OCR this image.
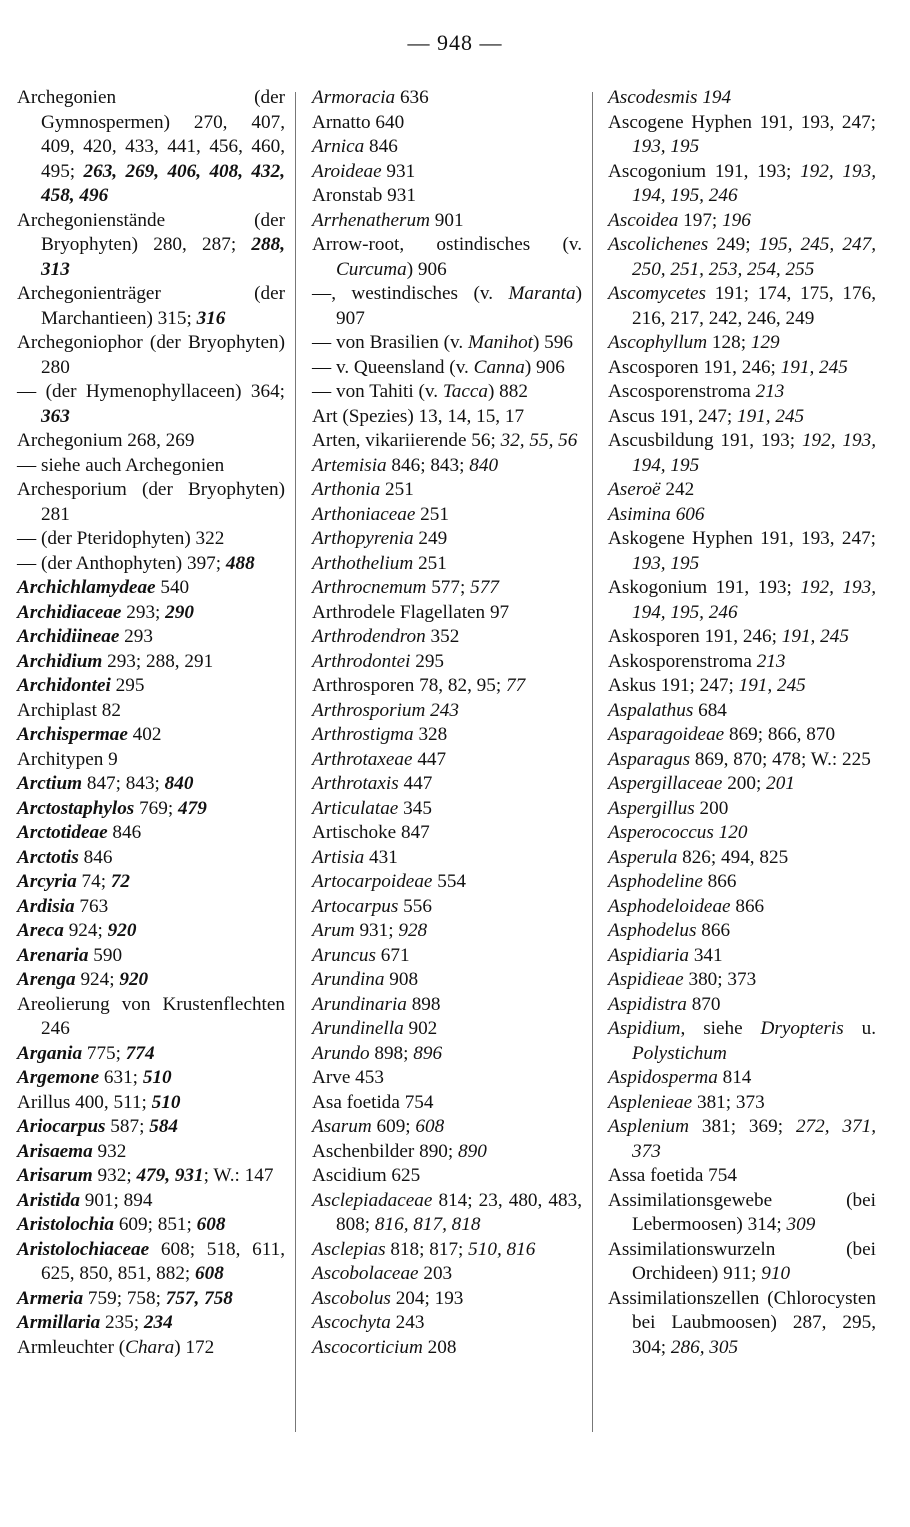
— 948 —
Archegonien (der Gymnospermen) 270, 407, 409, 420, 433, 441, 456, 460, 495; 263, 269, 406, 408, 432, 458, 496
Archegonienstände (der Bryophyten) 280, 287; 288, 313
Archegonienträger (der Marchantieen) 315; 316
Archegoniophor (der Bryophyten) 280
— (der Hymenophyllaceen) 364; 363
Archegonium 268, 269
— siehe auch Archegonien
Archesporium (der Bryophyten) 281
— (der Pteridophyten) 322
— (der Anthophyten) 397; 488
Archichlamydeae 540
Archidiaceae 293; 290
Archidiineae 293
Archidium 293; 288, 291
Archidontei 295
Archiplast 82
Archispermae 402
Architypen 9
Arctium 847; 843; 840
Arctostaphylos 769; 479
Arctotideae 846
Arctotis 846
Arcyria 74; 72
Ardisia 763
Areca 924; 920
Arenaria 590
Arenga 924; 920
Areolierung von Krustenflechten 246
Argania 775; 774
Argemone 631; 510
Arillus 400, 511; 510
Ariocarpus 587; 584
Arisaema 932
Arisarum 932; 479, 931; W.: 147
Aristida 901; 894
Aristolochia 609; 851; 608
Aristolochiaceae 608; 518, 611, 625, 850, 851, 882; 608
Armeria 759; 758; 757, 758
Armillaria 235; 234
Armleuchter (Chara) 172
Armoracia 636
Arnatto 640
Arnica 846
Aroideae 931
Aronstab 931
Arrhenatherum 901
Arrow-root, ostindisches (v. Curcuma) 906
—, westindisches (v. Maranta) 907
— von Brasilien (v. Manihot) 596
— v. Queensland (v. Canna) 906
— von Tahiti (v. Tacca) 882
Art (Spezies) 13, 14, 15, 17
Arten, vikariierende 56; 32, 55, 56
Artemisia 846; 843; 840
Arthonia 251
Arthoniaceae 251
Arthopyrenia 249
Arthothelium 251
Arthrocnemum 577; 577
Arthrodele Flagellaten 97
Arthrodendron 352
Arthrodontei 295
Arthrosporen 78, 82, 95; 77
Arthrosporium 243
Arthrostigma 328
Arthrotaxeae 447
Arthrotaxis 447
Articulatae 345
Artischoke 847
Artisia 431
Artocarpoideae 554
Artocarpus 556
Arum 931; 928
Aruncus 671
Arundina 908
Arundinaria 898
Arundinella 902
Arundo 898; 896
Arve 453
Asa foetida 754
Asarum 609; 608
Aschenbilder 890; 890
Ascidium 625
Asclepiadaceae 814; 23, 480, 483, 808; 816, 817, 818
Asclepias 818; 817; 510, 816
Ascobolaceae 203
Ascobolus 204; 193
Ascochyta 243
Ascocorticium 208
Ascodesmis 194
Ascogene Hyphen 191, 193, 247; 193, 195
Ascogonium 191, 193; 192, 193, 194, 195, 246
Ascoidea 197; 196
Ascolichenes 249; 195, 245, 247, 250, 251, 253, 254, 255
Ascomycetes 191; 174, 175, 176, 216, 217, 242, 246, 249
Ascophyllum 128; 129
Ascosporen 191, 246; 191, 245
Ascosporenstroma 213
Ascus 191, 247; 191, 245
Ascusbildung 191, 193; 192, 193, 194, 195
Aseroë 242
Asimina 606
Askogene Hyphen 191, 193, 247; 193, 195
Askogonium 191, 193; 192, 193, 194, 195, 246
Askosporen 191, 246; 191, 245
Askosporenstroma 213
Askus 191; 247; 191, 245
Aspalathus 684
Asparagoideae 869; 866, 870
Asparagus 869, 870; 478; W.: 225
Aspergillaceae 200; 201
Aspergillus 200
Asperococcus 120
Asperula 826; 494, 825
Asphodeline 866
Asphodeloideae 866
Asphodelus 866
Aspidiaria 341
Aspidieae 380; 373
Aspidistra 870
Aspidium, siehe Dryopteris u. Polystichum
Aspidosperma 814
Asplenieae 381; 373
Asplenium 381; 369; 272, 371, 373
Assa foetida 754
Assimilationsgewebe (bei Lebermoosen) 314; 309
Assimilationswurzeln (bei Orchideen) 911; 910
Assimilationszellen (Chlorocysten bei Laubmoosen) 287, 295, 304; 286, 305
